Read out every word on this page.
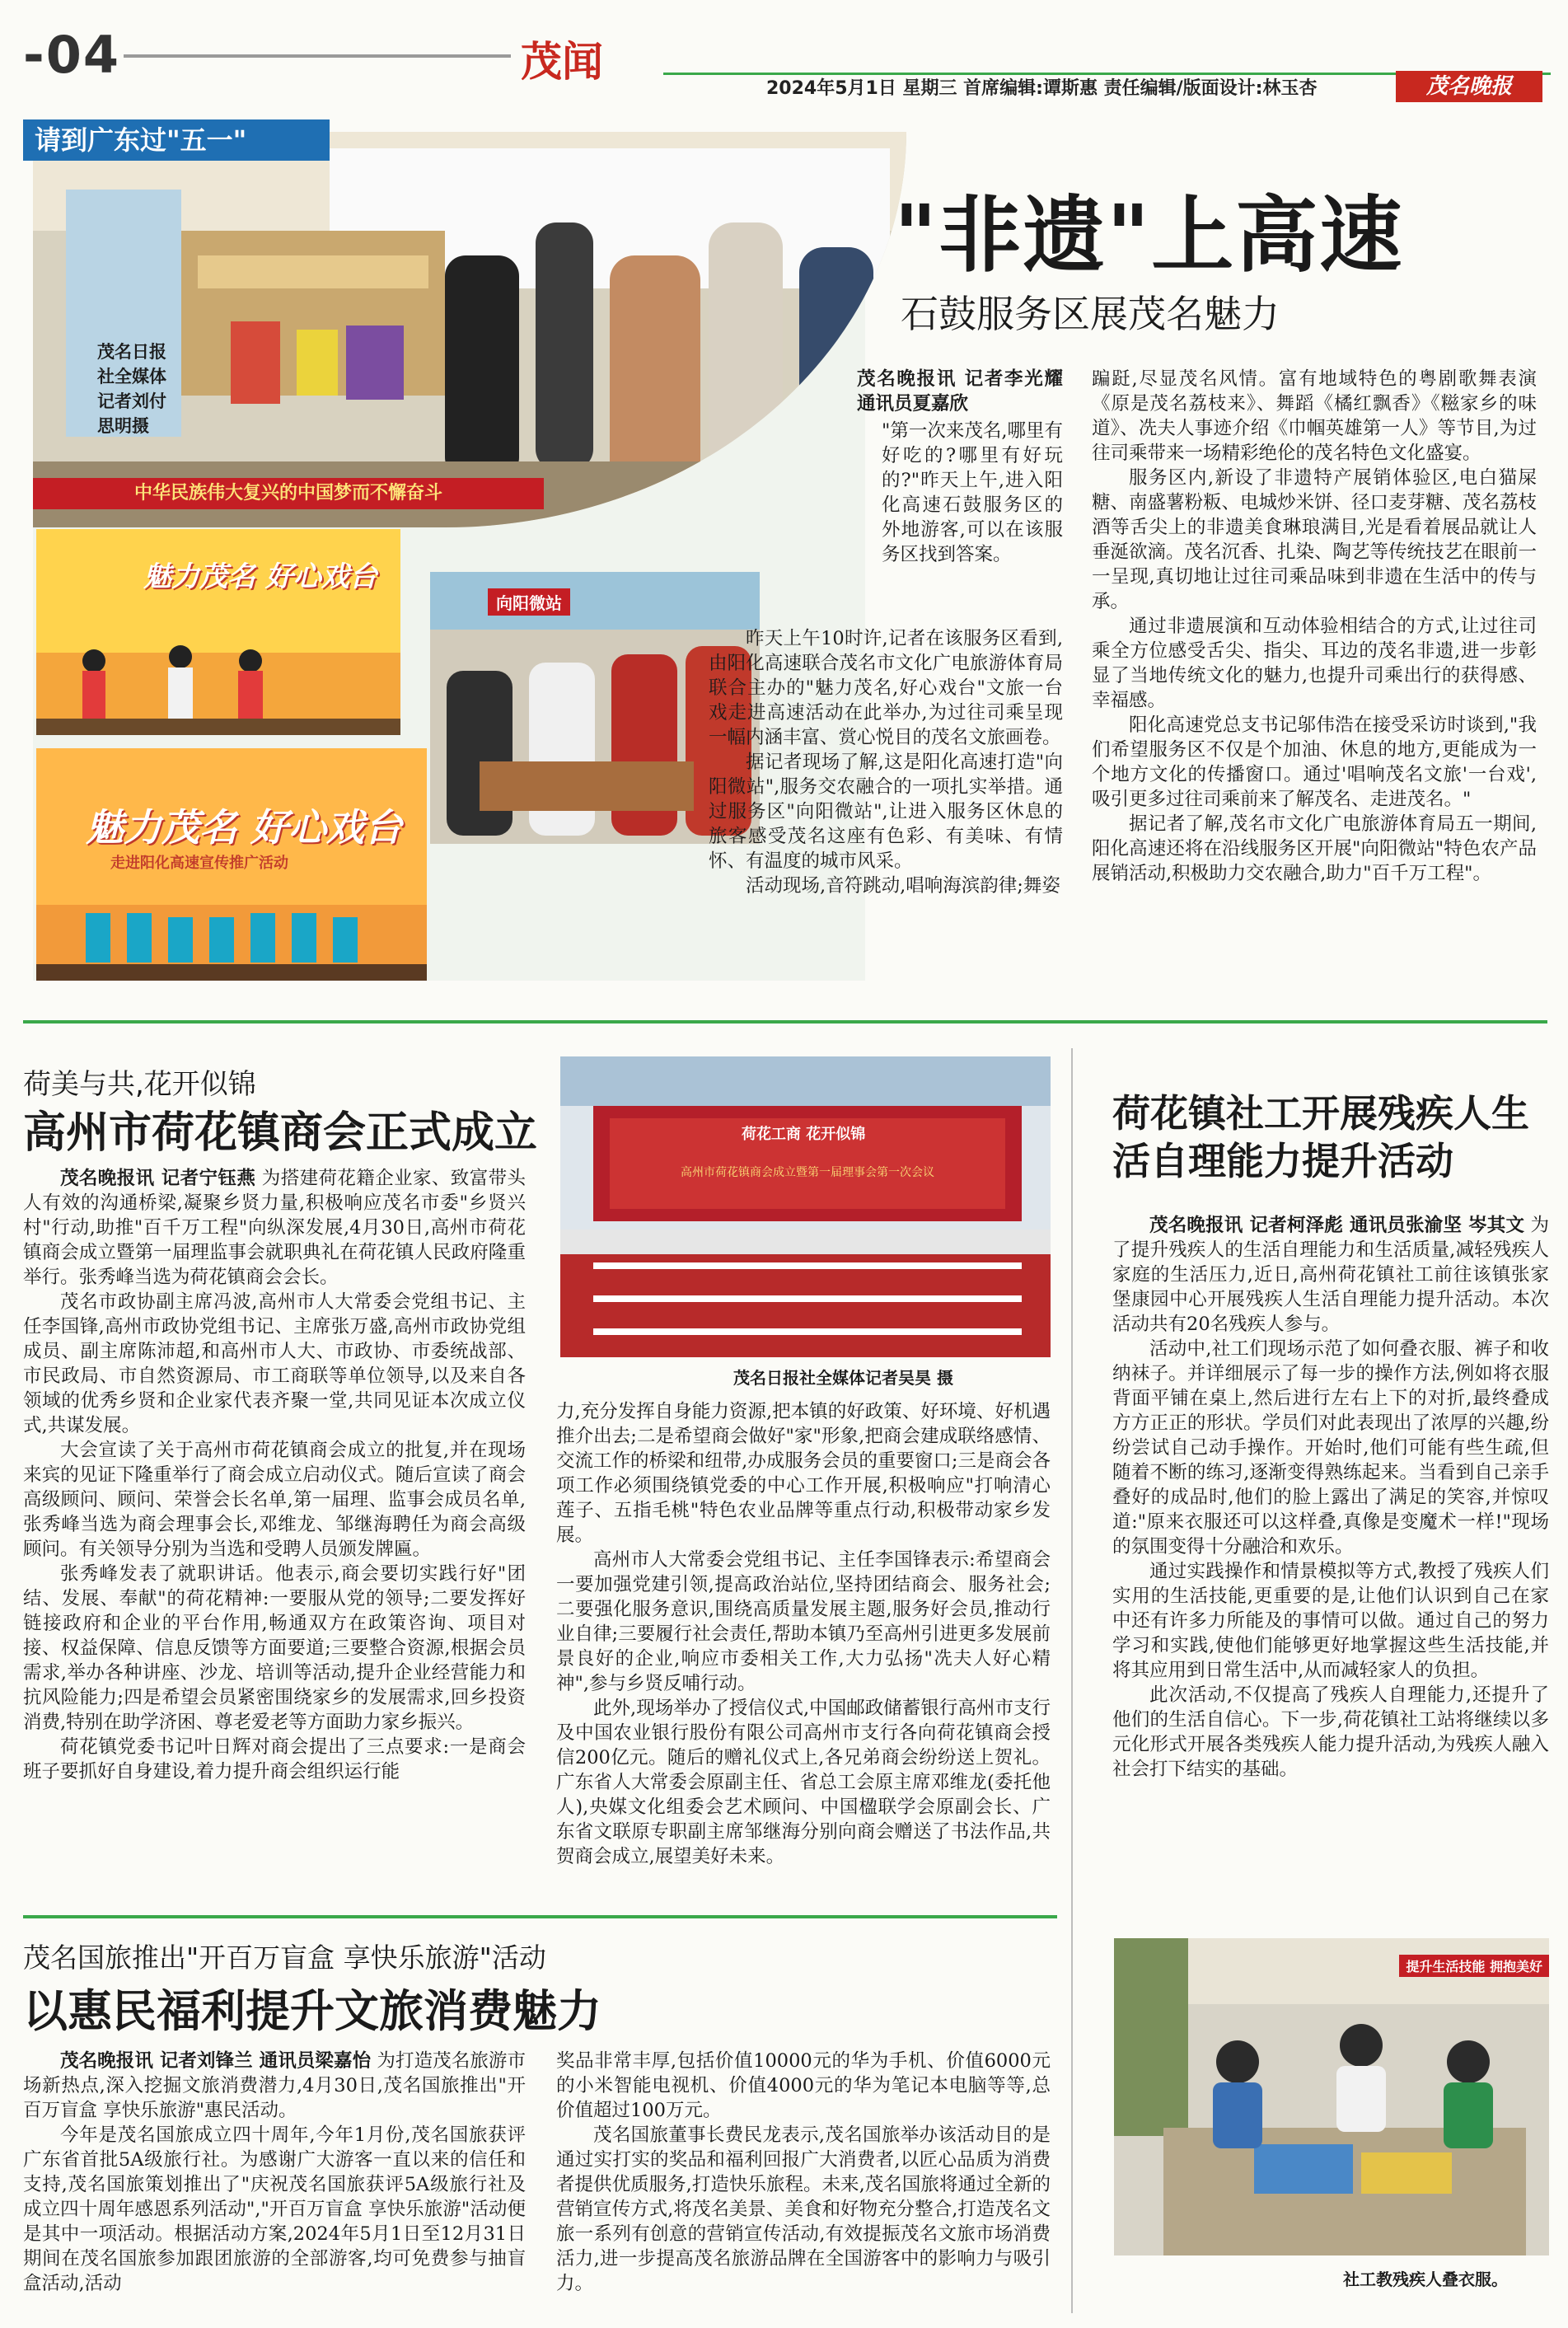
-04	茂闻
2024年5月1日 星期三 首席编辑:谭斯惠 责任编辑/版面设计:林玉杏	茂名晚报
请到广东过"五一"
中华民族伟大复兴的中国梦而不懈奋斗
茂名日报社全媒体记者刘付思明摄
魅力茂名 好心戏台
向阳微站
魅力茂名 好心戏台
走进阳化高速宣传推广活动
"非遗"上高速
石鼓服务区展茂名魅力

茂名晚报讯 记者李光耀 通讯员夏嘉欣

"第一次来茂名,哪里有好吃的?哪里有好玩的?"昨天上午,进入阳化高速石鼓服务区的外地游客,可以在该服务区找到答案。

昨天上午10时许,记者在该服务区看到,由阳化高速联合茂名市文化广电旅游体育局联合主办的"魅力茂名,好心戏台"文旅一台戏走进高速活动在此举办,为过往司乘呈现一幅内涵丰富、赏心悦目的茂名文旅画卷。

据记者现场了解,这是阳化高速打造"向阳微站",服务交农融合的一项扎实举措。通过服务区"向阳微站",让进入服务区休息的旅客感受茂名这座有色彩、有美味、有情怀、有温度的城市风采。

活动现场,音符跳动,唱响海滨韵律;舞姿

蹁跹,尽显茂名风情。富有地域特色的粤剧歌舞表演《原是茂名荔枝来》、舞蹈《橘红飘香》《糍家乡的味道》、冼夫人事迹介绍《巾帼英雄第一人》等节目,为过往司乘带来一场精彩绝伦的茂名特色文化盛宴。

服务区内,新设了非遗特产展销体验区,电白猫屎糖、南盛薯粉粄、电城炒米饼、径口麦芽糖、茂名荔枝酒等舌尖上的非遗美食琳琅满目,光是看着展品就让人垂涎欲滴。茂名沉香、扎染、陶艺等传统技艺在眼前一一呈现,真切地让过往司乘品味到非遗在生活中的传与承。

通过非遗展演和互动体验相结合的方式,让过往司乘全方位感受舌尖、指尖、耳边的茂名非遗,进一步彰显了当地传统文化的魅力,也提升司乘出行的获得感、幸福感。

阳化高速党总支书记邬伟浩在接受采访时谈到,"我们希望服务区不仅是个加油、休息的地方,更能成为一个地方文化的传播窗口。通过'唱响茂名文旅'一台戏',吸引更多过往司乘前来了解茂名、走进茂名。"

据记者了解,茂名市文化广电旅游体育局五一期间,阳化高速还将在沿线服务区开展"向阳微站"特色农产品展销活动,积极助力交农融合,助力"百千万工程"。

荷美与共,花开似锦
高州市荷花镇商会正式成立	荷花工商 花开似锦
高州市荷花镇商会成立暨第一届理事会第一次会议
茂名日报社全媒体记者吴昊 摄

茂名晚报讯 记者宁钰燕 为搭建荷花籍企业家、致富带头人有效的沟通桥梁,凝聚乡贤力量,积极响应茂名市委"乡贤兴村"行动,助推"百千万工程"向纵深发展,4月30日,高州市荷花镇商会成立暨第一届理监事会就职典礼在荷花镇人民政府隆重举行。张秀峰当选为荷花镇商会会长。

茂名市政协副主席冯波,高州市人大常委会党组书记、主任李国锋,高州市政协党组书记、主席张万盛,高州市政协党组成员、副主席陈沛超,和高州市人大、市政协、市委统战部、市民政局、市自然资源局、市工商联等单位领导,以及来自各领域的优秀乡贤和企业家代表齐聚一堂,共同见证本次成立仪式,共谋发展。

大会宣读了关于高州市荷花镇商会成立的批复,并在现场来宾的见证下隆重举行了商会成立启动仪式。随后宣读了商会高级顾问、顾问、荣誉会长名单,第一届理、监事会成员名单,张秀峰当选为商会理事会长,邓维龙、邹继海聘任为商会高级顾问。有关领导分别为当选和受聘人员颁发牌匾。

张秀峰发表了就职讲话。他表示,商会要切实践行好"团结、发展、奉献"的荷花精神:一要服从党的领导;二要发挥好链接政府和企业的平台作用,畅通双方在政策咨询、项目对接、权益保障、信息反馈等方面要道;三要整合资源,根据会员需求,举办各种讲座、沙龙、培训等活动,提升企业经营能力和抗风险能力;四是希望会员紧密围绕家乡的发展需求,回乡投资消费,特别在助学济困、尊老爱老等方面助力家乡振兴。

荷花镇党委书记叶日辉对商会提出了三点要求:一是商会班子要抓好自身建设,着力提升商会组织运行能

力,充分发挥自身能力资源,把本镇的好政策、好环境、好机遇推介出去;二是希望商会做好"家"形象,把商会建成联络感情、交流工作的桥梁和纽带,办成服务会员的重要窗口;三是商会各项工作必须围绕镇党委的中心工作开展,积极响应"打响清心莲子、五指毛桃"特色农业品牌等重点行动,积极带动家乡发展。

高州市人大常委会党组书记、主任李国锋表示:希望商会一要加强党建引领,提高政治站位,坚持团结商会、服务社会;二要强化服务意识,围绕高质量发展主题,服务好会员,推动行业自律;三要履行社会责任,帮助本镇乃至高州引进更多发展前景良好的企业,响应市委相关工作,大力弘扬"冼夫人好心精神",参与乡贤反哺行动。

此外,现场举办了授信仪式,中国邮政储蓄银行高州市支行及中国农业银行股份有限公司高州市支行各向荷花镇商会授信200亿元。随后的赠礼仪式上,各兄弟商会纷纷送上贺礼。广东省人大常委会原副主任、省总工会原主席邓维龙(委托他人),央媒文化组委会艺术顾问、中国楹联学会原副会长、广东省文联原专职副主席邹继海分别向商会赠送了书法作品,共贺商会成立,展望美好未来。

荷花镇社工开展残疾人生活自理能力提升活动

茂名晚报讯 记者柯泽彪 通讯员张渝坚 岑其文 为了提升残疾人的生活自理能力和生活质量,减轻残疾人家庭的生活压力,近日,高州荷花镇社工前往该镇张家堡康园中心开展残疾人生活自理能力提升活动。本次活动共有20名残疾人参与。

活动中,社工们现场示范了如何叠衣服、裤子和收纳袜子。并详细展示了每一步的操作方法,例如将衣服背面平铺在桌上,然后进行左右上下的对折,最终叠成方方正正的形状。学员们对此表现出了浓厚的兴趣,纷纷尝试自己动手操作。开始时,他们可能有些生疏,但随着不断的练习,逐渐变得熟练起来。当看到自己亲手叠好的成品时,他们的脸上露出了满足的笑容,并惊叹道:"原来衣服还可以这样叠,真像是变魔术一样!"现场的氛围变得十分融洽和欢乐。

通过实践操作和情景模拟等方式,教授了残疾人们实用的生活技能,更重要的是,让他们认识到自己在家中还有许多力所能及的事情可以做。通过自己的努力学习和实践,使他们能够更好地掌握这些生活技能,并将其应用到日常生活中,从而减轻家人的负担。

此次活动,不仅提高了残疾人自理能力,还提升了他们的生活自信心。下一步,荷花镇社工站将继续以多元化形式开展各类残疾人能力提升活动,为残疾人融入社会打下结实的基础。

提升生活技能 拥抱美好
社工教残疾人叠衣服。
茂名国旅推出"开百万盲盒 享快乐旅游"活动
以惠民福利提升文旅消费魅力

茂名晚报讯 记者刘锋兰 通讯员梁嘉怡 为打造茂名旅游市场新热点,深入挖掘文旅消费潜力,4月30日,茂名国旅推出"开百万盲盒 享快乐旅游"惠民活动。

今年是茂名国旅成立四十周年,今年1月份,茂名国旅获评广东省首批5A级旅行社。为感谢广大游客一直以来的信任和支持,茂名国旅策划推出了"庆祝茂名国旅获评5A级旅行社及成立四十周年感恩系列活动","开百万盲盒 享快乐旅游"活动便是其中一项活动。根据活动方案,2024年5月1日至12月31日期间在茂名国旅参加跟团旅游的全部游客,均可免费参与抽盲盒活动,活动

奖品非常丰厚,包括价值10000元的华为手机、价值6000元的小米智能电视机、价值4000元的华为笔记本电脑等等,总价值超过100万元。

茂名国旅董事长费民龙表示,茂名国旅举办该活动目的是通过实打实的奖品和福利回报广大消费者,以匠心品质为消费者提供优质服务,打造快乐旅程。未来,茂名国旅将通过全新的营销宣传方式,将茂名美景、美食和好物充分整合,打造茂名文旅一系列有创意的营销宣传活动,有效提振茂名文旅市场消费活力,进一步提高茂名旅游品牌在全国游客中的影响力与吸引力。
